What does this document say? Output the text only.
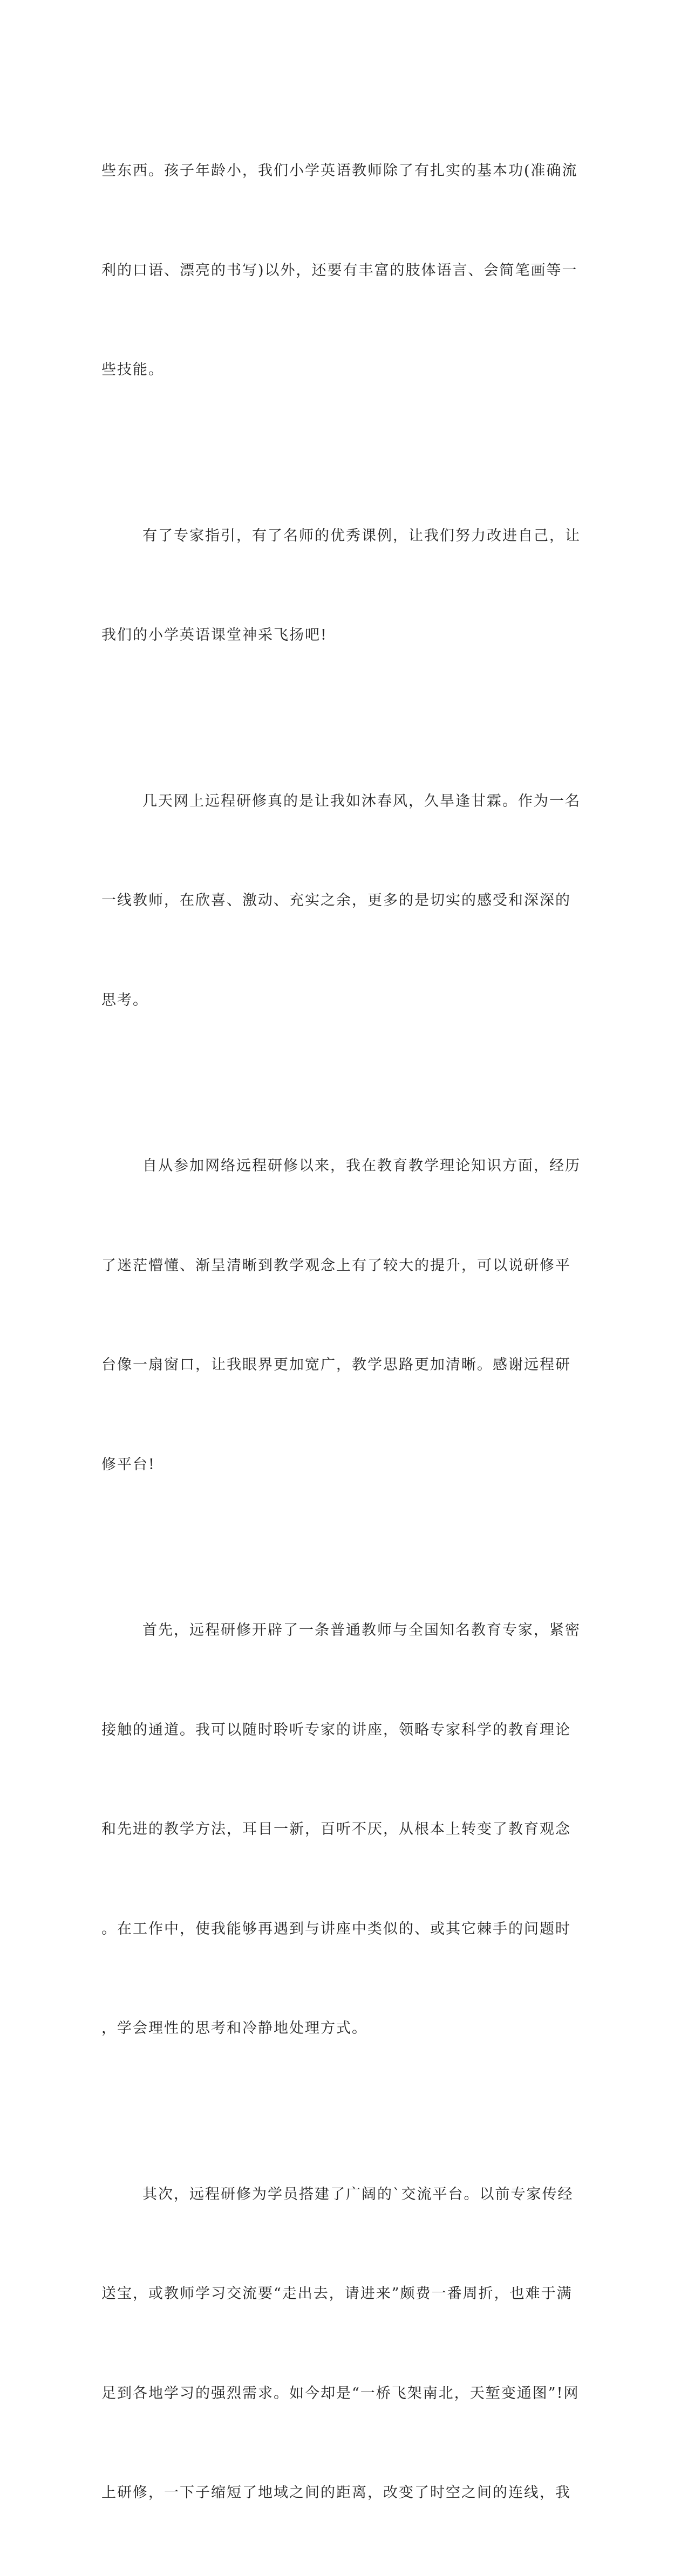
些东西。孩子年龄小，我们小学英语教师除了有扎实的基本功(准确流

利的口语、漂亮的书写)以外，还要有丰富的肢体语言、会简笔画等一

些技能。

有了专家指引，有了名师的优秀课例，让我们努力改进自己，让

我们的小学英语课堂神采飞扬吧!

几天网上远程研修真的是让我如沐春风，久旱逢甘霖。作为一名

一线教师，在欣喜、激动、充实之余，更多的是切实的感受和深深的

思考。

自从参加网络远程研修以来，我在教育教学理论知识方面，经历

了迷茫懵懂、渐呈清晰到教学观念上有了较大的提升，可以说研修平

台像一扇窗口，让我眼界更加宽广，教学思路更加清晰。感谢远程研

修平台!

首先，远程研修开辟了一条普通教师与全国知名教育专家，紧密

接触的通道。我可以随时聆听专家的讲座，领略专家科学的教育理论

和先进的教学方法，耳目一新，百听不厌，从根本上转变了教育观念

。在工作中，使我能够再遇到与讲座中类似的、或其它棘手的问题时

，学会理性的思考和冷静地处理方式。

其次，远程研修为学员搭建了广阔的`交流平台。以前专家传经

送宝，或教师学习交流要“走出去，请进来”颇费一番周折，也难于满

足到各地学习的强烈需求。如今却是“一桥飞架南北，天堑变通图”!网

上研修，一下子缩短了地域之间的距离，改变了时空之间的连线，我
